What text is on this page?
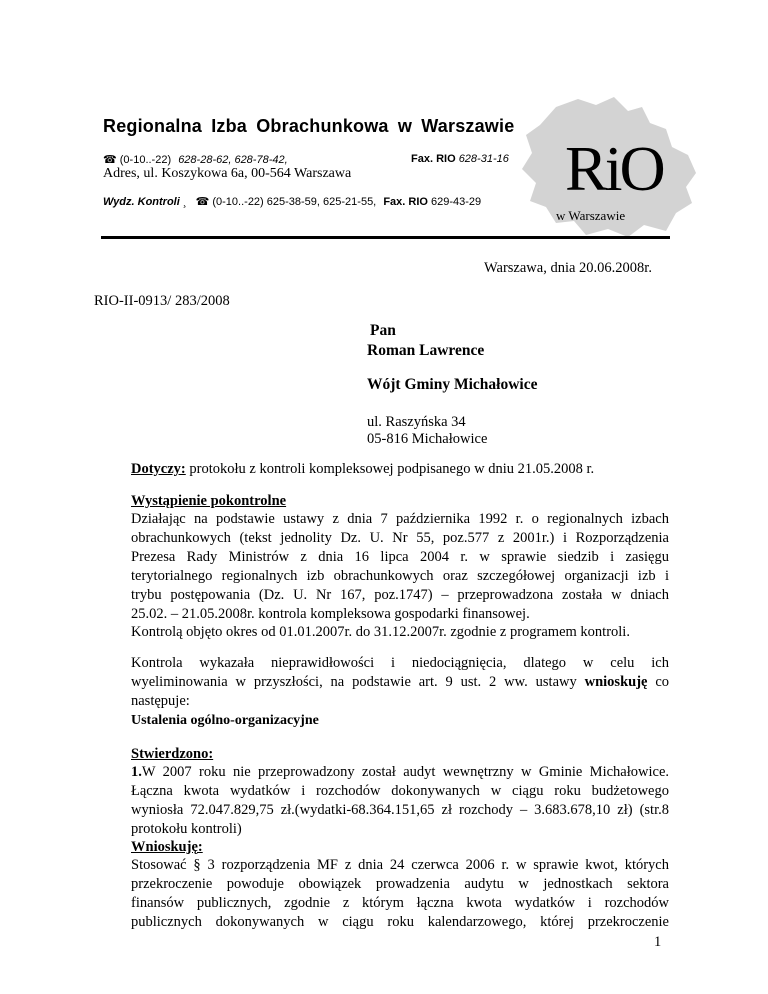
Regionalna Izba Obrachunkowa w Warszawie
☎ (0-10..-22) 628-28-62, 628-78-42,	Fax. RIO 628-31-16
Adres, ul. Koszykowa 6a, 00-564 Warszawa
Wydz. Kontroli ¸ ☎ (0-10..-22) 625-38-59, 625-21-55, Fax. RIO 629-43-29 RiO
w Warszawie
Warszawa, dnia 20.06.2008r.
RIO-II-0913/ 283/2008
Pan
Roman Lawrence
Wójt Gminy Michałowice
ul. Raszyńska 34
05-816 Michałowice
Dotyczy: protokołu z kontroli kompleksowej podpisanego w dniu 21.05.2008 r.
Wystąpienie pokontrolne
Działając na podstawie ustawy z dnia 7 października 1992 r. o regionalnych izbach
obrachunkowych (tekst jednolity Dz. U. Nr 55, poz.577 z 2001r.) i Rozporządzenia
Prezesa Rady Ministrów z dnia 16 lipca 2004 r. w sprawie siedzib i zasięgu
terytorialnego regionalnych izb obrachunkowych oraz szczegółowej organizacji izb i
trybu postępowania (Dz. U. Nr 167, poz.1747) – przeprowadzona została w dniach
25.02. – 21.05.2008r. kontrola kompleksowa gospodarki finansowej.
Kontrolą objęto okres od 01.01.2007r. do 31.12.2007r. zgodnie z programem kontroli.
Kontrola wykazała nieprawidłowości i niedociągnięcia, dlatego w celu ich
wyeliminowania w przyszłości, na podstawie art. 9 ust. 2 ww. ustawy wnioskuję co
następuje:
Ustalenia ogólno-organizacyjne
Stwierdzono:
1.W 2007 roku nie przeprowadzony został audyt wewnętrzny w Gminie Michałowice.
Łączna kwota wydatków i rozchodów dokonywanych w ciągu roku budżetowego
wyniosła 72.047.829,75 zł.(wydatki-68.364.151,65 zł rozchody – 3.683.678,10 zł) (str.8
protokołu kontroli)
Wnioskuję:
Stosować § 3 rozporządzenia MF z dnia 24 czerwca 2006 r. w sprawie kwot, których
przekroczenie powoduje obowiązek prowadzenia audytu w jednostkach sektora
finansów publicznych, zgodnie z którym łączna kwota wydatków i rozchodów
publicznych dokonywanych w ciągu roku kalendarzowego, której przekroczenie
1
